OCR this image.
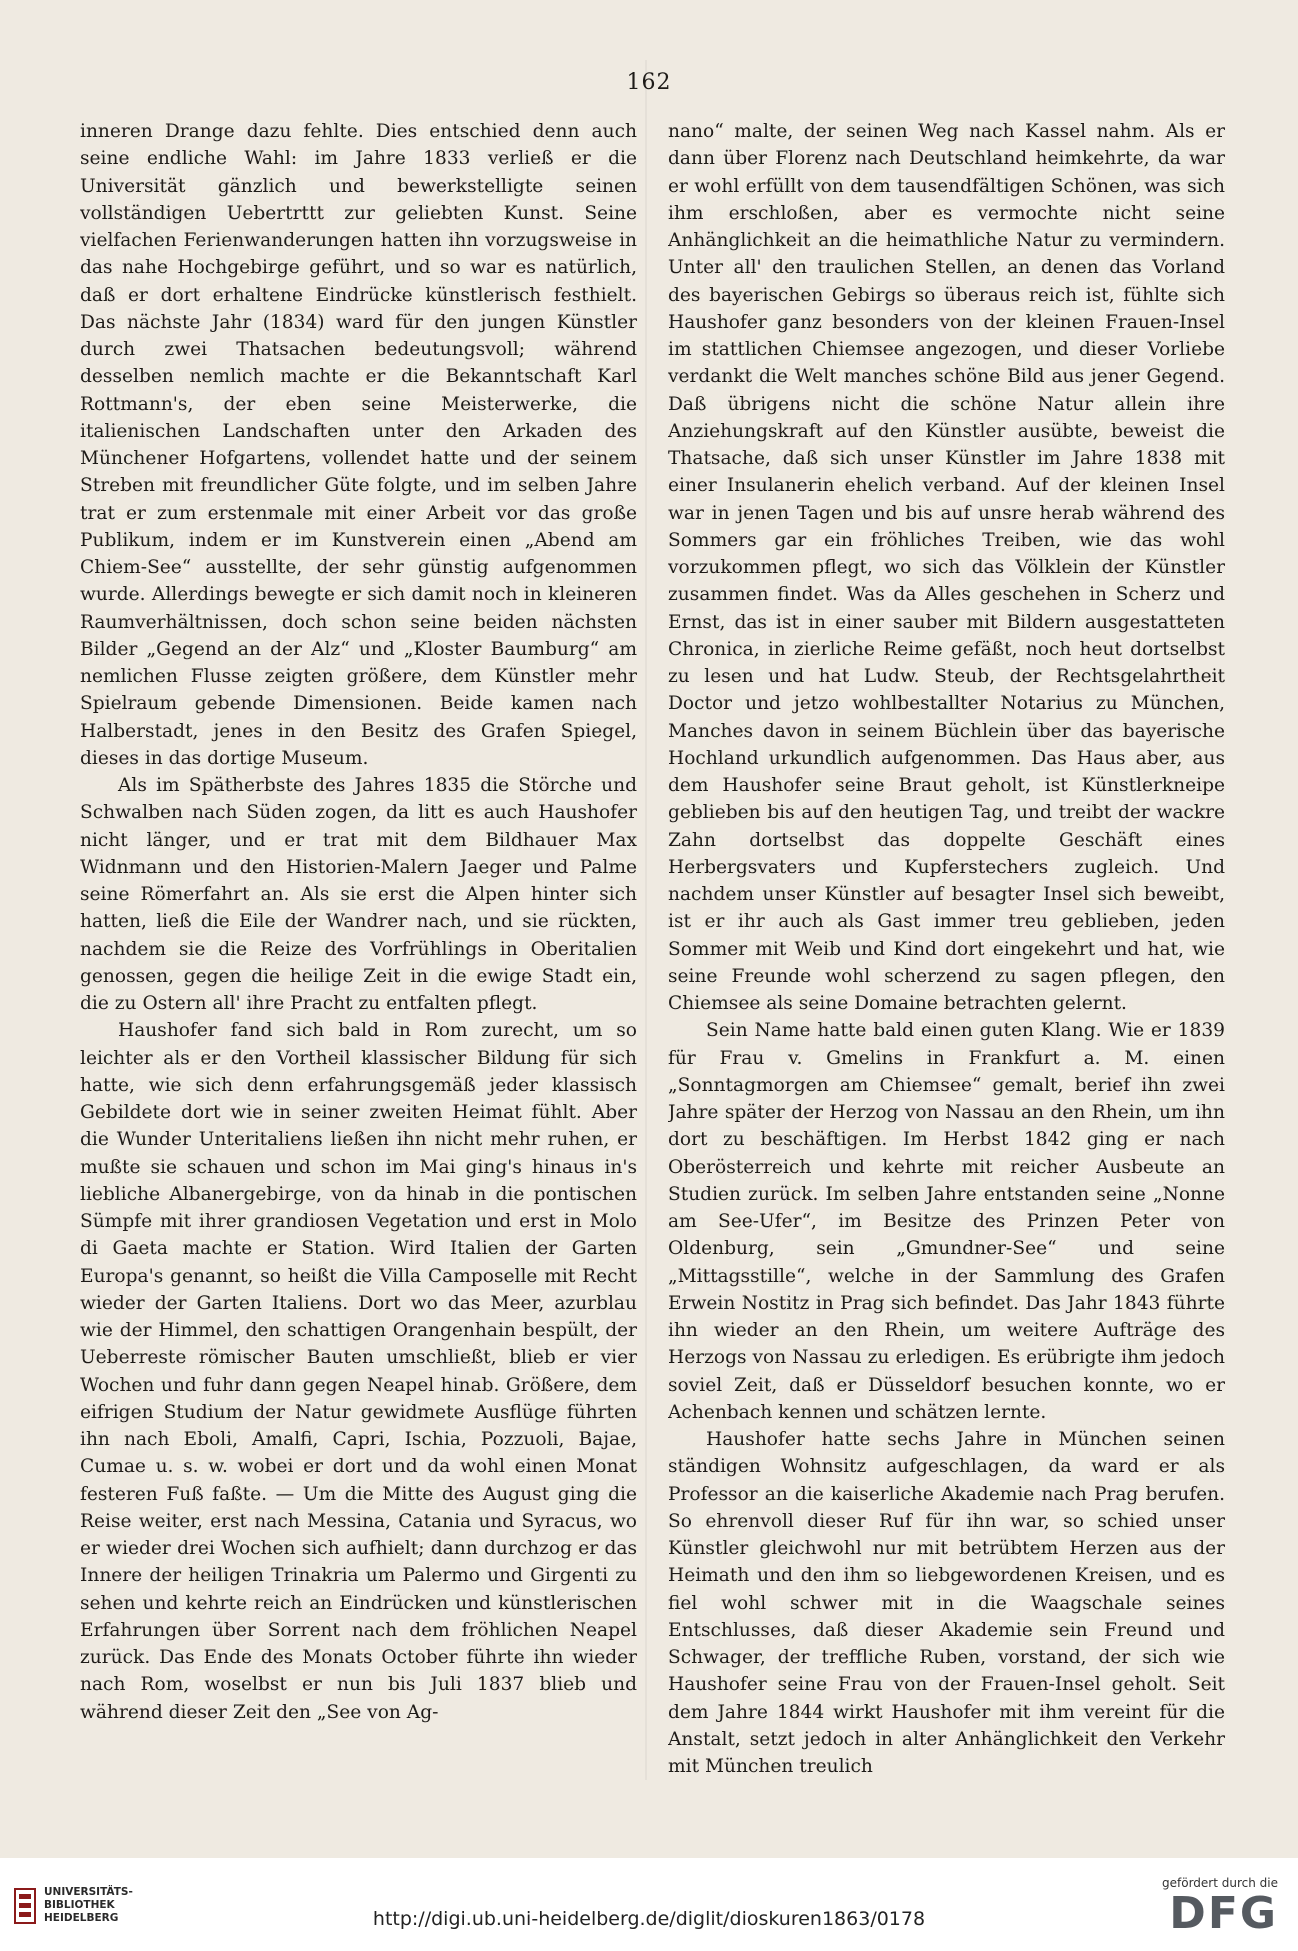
162

inneren Drange dazu fehlte. Dies entschied denn auch seine endliche Wahl: im Jahre 1833 verließ er die Universität gänzlich und bewerkstelligte seinen vollständigen Uebertrttt zur geliebten Kunst. Seine vielfachen Ferienwanderungen hatten ihn vorzugsweise in das nahe Hochgebirge geführt, und so war es natürlich, daß er dort erhaltene Eindrücke künstlerisch festhielt. Das nächste Jahr (1834) ward für den jungen Künstler durch zwei Thatsachen bedeutungsvoll; während desselben nemlich machte er die Bekanntschaft Karl Rottmann's, der eben seine Meisterwerke, die italienischen Landschaften unter den Arkaden des Münchener Hofgartens, vollendet hatte und der seinem Streben mit freundlicher Güte folgte, und im selben Jahre trat er zum erstenmale mit einer Arbeit vor das große Publikum, indem er im Kunstverein einen „Abend am Chiem-See“ ausstellte, der sehr günstig aufgenommen wurde. Allerdings bewegte er sich damit noch in kleineren Raumverhältnissen, doch schon seine beiden nächsten Bilder „Gegend an der Alz“ und „Kloster Baumburg“ am nemlichen Flusse zeigten größere, dem Künstler mehr Spielraum gebende Dimensionen. Beide kamen nach Halberstadt, jenes in den Besitz des Grafen Spiegel, dieses in das dortige Museum.

Als im Spätherbste des Jahres 1835 die Störche und Schwalben nach Süden zogen, da litt es auch Haushofer nicht länger, und er trat mit dem Bildhauer Max Widnmann und den Historien-Malern Jaeger und Palme seine Römerfahrt an. Als sie erst die Alpen hinter sich hatten, ließ die Eile der Wandrer nach, und sie rückten, nachdem sie die Reize des Vorfrühlings in Oberitalien genossen, gegen die heilige Zeit in die ewige Stadt ein, die zu Ostern all' ihre Pracht zu entfalten pflegt.

Haushofer fand sich bald in Rom zurecht, um so leichter als er den Vortheil klassischer Bildung für sich hatte, wie sich denn erfahrungsgemäß jeder klassisch Gebildete dort wie in seiner zweiten Heimat fühlt. Aber die Wunder Unteritaliens ließen ihn nicht mehr ruhen, er mußte sie schauen und schon im Mai ging's hinaus in's liebliche Albanergebirge, von da hinab in die pontischen Sümpfe mit ihrer grandiosen Vegetation und erst in Molo di Gaeta machte er Station. Wird Italien der Garten Europa's genannt, so heißt die Villa Camposelle mit Recht wieder der Garten Italiens. Dort wo das Meer, azurblau wie der Himmel, den schattigen Orangenhain bespült, der Ueberreste römischer Bauten umschließt, blieb er vier Wochen und fuhr dann gegen Neapel hinab. Größere, dem eifrigen Studium der Natur gewidmete Ausflüge führten ihn nach Eboli, Amalfi, Capri, Ischia, Pozzuoli, Bajae, Cumae u. s. w. wobei er dort und da wohl einen Monat festeren Fuß faßte. — Um die Mitte des August ging die Reise weiter, erst nach Messina, Catania und Syracus, wo er wieder drei Wochen sich aufhielt; dann durchzog er das Innere der heiligen Trinakria um Palermo und Girgenti zu sehen und kehrte reich an Eindrücken und künstlerischen Erfahrungen über Sorrent nach dem fröhlichen Neapel zurück. Das Ende des Monats October führte ihn wieder nach Rom, woselbst er nun bis Juli 1837 blieb und während dieser Zeit den „See von Ag-

nano“ malte, der seinen Weg nach Kassel nahm. Als er dann über Florenz nach Deutschland heimkehrte, da war er wohl erfüllt von dem tausendfältigen Schönen, was sich ihm erschloßen, aber es vermochte nicht seine Anhänglichkeit an die heimathliche Natur zu vermindern. Unter all' den traulichen Stellen, an denen das Vorland des bayerischen Gebirgs so überaus reich ist, fühlte sich Haushofer ganz besonders von der kleinen Frauen-Insel im stattlichen Chiemsee angezogen, und dieser Vorliebe verdankt die Welt manches schöne Bild aus jener Gegend. Daß übrigens nicht die schöne Natur allein ihre Anziehungskraft auf den Künstler ausübte, beweist die Thatsache, daß sich unser Künstler im Jahre 1838 mit einer Insulanerin ehelich verband. Auf der kleinen Insel war in jenen Tagen und bis auf unsre herab während des Sommers gar ein fröhliches Treiben, wie das wohl vorzukommen pflegt, wo sich das Völklein der Künstler zusammen findet. Was da Alles geschehen in Scherz und Ernst, das ist in einer sauber mit Bildern ausgestatteten Chronica, in zierliche Reime gefäßt, noch heut dortselbst zu lesen und hat Ludw. Steub, der Rechtsgelahrtheit Doctor und jetzo wohlbestallter Notarius zu München, Manches davon in seinem Büchlein über das bayerische Hochland urkundlich aufgenommen. Das Haus aber, aus dem Haushofer seine Braut geholt, ist Künstlerkneipe geblieben bis auf den heutigen Tag, und treibt der wackre Zahn dortselbst das doppelte Geschäft eines Herbergsvaters und Kupferstechers zugleich. Und nachdem unser Künstler auf besagter Insel sich beweibt, ist er ihr auch als Gast immer treu geblieben, jeden Sommer mit Weib und Kind dort eingekehrt und hat, wie seine Freunde wohl scherzend zu sagen pflegen, den Chiemsee als seine Domaine betrachten gelernt.

Sein Name hatte bald einen guten Klang. Wie er 1839 für Frau v. Gmelins in Frankfurt a. M. einen „Sonntagmorgen am Chiemsee“ gemalt, berief ihn zwei Jahre später der Herzog von Nassau an den Rhein, um ihn dort zu beschäftigen. Im Herbst 1842 ging er nach Oberösterreich und kehrte mit reicher Ausbeute an Studien zurück. Im selben Jahre entstanden seine „Nonne am See-Ufer“, im Besitze des Prinzen Peter von Oldenburg, sein „Gmundner-See“ und seine „Mittagsstille“, welche in der Sammlung des Grafen Erwein Nostitz in Prag sich befindet. Das Jahr 1843 führte ihn wieder an den Rhein, um weitere Aufträge des Herzogs von Nassau zu erledigen. Es erübrigte ihm jedoch soviel Zeit, daß er Düsseldorf besuchen konnte, wo er Achenbach kennen und schätzen lernte.

Haushofer hatte sechs Jahre in München seinen ständigen Wohnsitz aufgeschlagen, da ward er als Professor an die kaiserliche Akademie nach Prag berufen. So ehrenvoll dieser Ruf für ihn war, so schied unser Künstler gleichwohl nur mit betrübtem Herzen aus der Heimath und den ihm so liebgewordenen Kreisen, und es fiel wohl schwer mit in die Waagschale seines Entschlusses, daß dieser Akademie sein Freund und Schwager, der treffliche Ruben, vorstand, der sich wie Haushofer seine Frau von der Frauen-Insel geholt. Seit dem Jahre 1844 wirkt Haushofer mit ihm vereint für die Anstalt, setzt jedoch in alter Anhänglichkeit den Verkehr mit München treulich

UNIVERSITÄTS-
BIBLIOTHEK
HEIDELBERG	http://digi.ub.uni-heidelberg.de/diglit/dioskuren1863/0178
gefördert durch die
DFG
